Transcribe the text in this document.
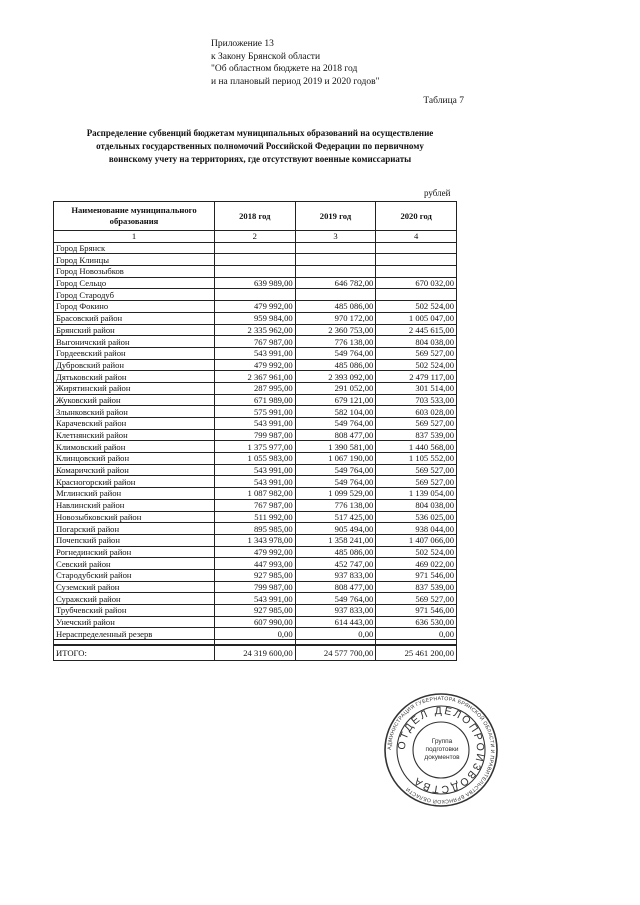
Приложение 13
к Закону Брянской области
"Об областном бюджете на 2018 год
и на плановый период 2019 и 2020 годов"
Таблица 7
Распределение субвенций бюджетам муниципальных образований на осуществление
отдельных государственных полномочий Российской Федерации по первичному
воинскому учету на территориях, где отсутствуют военные комиссариаты
рублей
Наименование муниципального образования	2018 год	2019 год	2020 год
1	2	3	4
Город Брянск			
Город Клинцы			
Город Новозыбков			
Город Сельцо	639 989,00	646 782,00	670 032,00
Город Стародуб			
Город Фокино	479 992,00	485 086,00	502 524,00
Брасовский район	959 984,00	970 172,00	1 005 047,00
Брянский район	2 335 962,00	2 360 753,00	2 445 615,00
Выгоничский район	767 987,00	776 138,00	804 038,00
Гордеевский район	543 991,00	549 764,00	569 527,00
Дубровский район	479 992,00	485 086,00	502 524,00
Дятьковский район	2 367 961,00	2 393 092,00	2 479 117,00
Жирятинский район	287 995,00	291 052,00	301 514,00
Жуковский район	671 989,00	679 121,00	703 533,00
Злынковский район	575 991,00	582 104,00	603 028,00
Карачевский район	543 991,00	549 764,00	569 527,00
Клетнянский район	799 987,00	808 477,00	837 539,00
Климовский район	1 375 977,00	1 390 581,00	1 440 568,00
Клинцовский район	1 055 983,00	1 067 190,00	1 105 552,00
Комаричский район	543 991,00	549 764,00	569 527,00
Красногорский район	543 991,00	549 764,00	569 527,00
Мглинский район	1 087 982,00	1 099 529,00	1 139 054,00
Навлинский район	767 987,00	776 138,00	804 038,00
Новозыбковский район	511 992,00	517 425,00	536 025,00
Погарский район	895 985,00	905 494,00	938 044,00
Почепский район	1 343 978,00	1 358 241,00	1 407 066,00
Рогнединский район	479 992,00	485 086,00	502 524,00
Севский район	447 993,00	452 747,00	469 022,00
Стародубский район	927 985,00	937 833,00	971 546,00
Суземский район	799 987,00	808 477,00	837 539,00
Суражский район	543 991,00	549 764,00	569 527,00
Трубчевский район	927 985,00	937 833,00	971 546,00
Унечский район	607 990,00	614 443,00	636 530,00
Нераспределенный резерв	0,00	0,00	0,00

ИТОГО:	24 319 600,00	24 577 700,00	25 461 200,00
АДМИНИСТРАЦИЯ ГУБЕРНАТОРА БРЯНСКОЙ ОБЛАСТИ И ПРАВИТЕЛЬСТВА БРЯНСКОЙ ОБЛАСТИ
ОТДЕЛ ДЕЛОПРОИЗВОДСТВА
Группа
подготовки
документов
